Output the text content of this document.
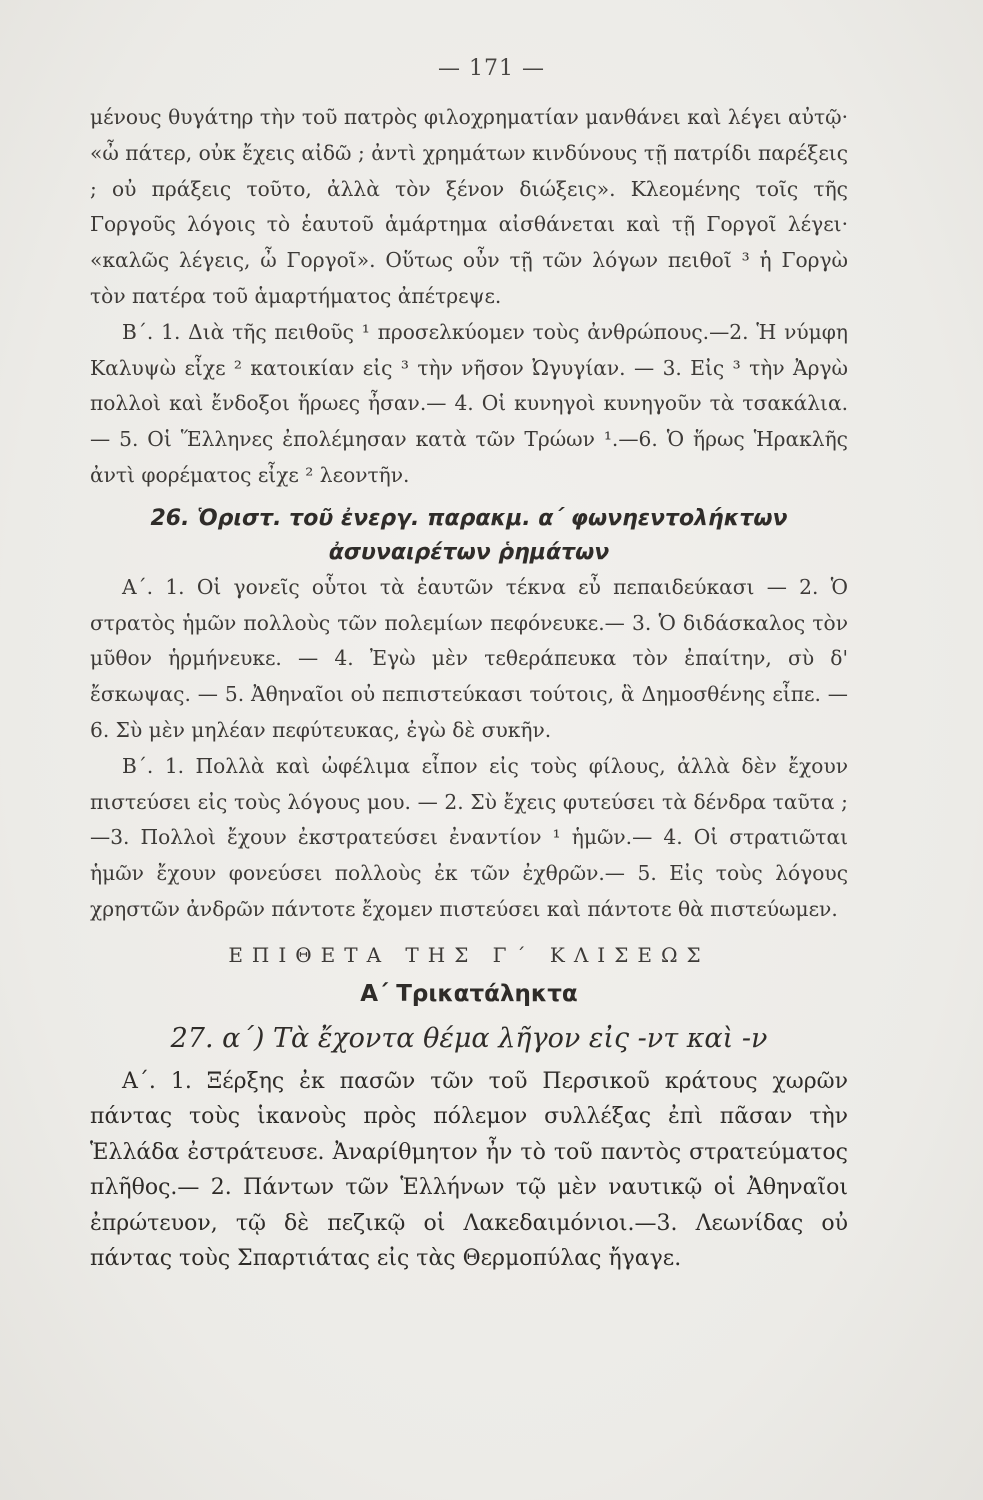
— 171 —

μένους θυγάτηρ τὴν τοῦ πατρὸς φιλοχρηματίαν μανθάνει καὶ λέγει αὐτῷ· «ὦ πάτερ, οὐκ ἔχεις αἰδῶ ; ἀντὶ χρημάτων κινδύνους τῇ πατρίδι παρέξεις ; οὐ πράξεις τοῦτο, ἀλλὰ τὸν ξένον διώξεις». Κλεομένης τοῖς τῆς Γοργοῦς λόγοις τὸ ἑαυτοῦ ἁμάρτημα αἰσθάνεται καὶ τῇ Γοργοῖ λέγει· «καλῶς λέγεις, ὦ Γοργοῖ». Οὕτως οὖν τῇ τῶν λόγων πειθοῖ ³ ἡ Γοργὼ τὸν πατέρα τοῦ ἁμαρτήματος ἀπέτρεψε.

Β΄. 1. Διὰ τῆς πειθοῦς ¹ προσελκύομεν τοὺς ἀνθρώπους.—2. Ἡ νύμφη Καλυψὼ εἶχε ² κατοικίαν εἰς ³ τὴν νῆσον Ὠγυγίαν. — 3. Εἰς ³ τὴν Ἀργὼ πολλοὶ καὶ ἔνδοξοι ἥρωες ἦσαν.— 4. Οἱ κυνηγοὶ κυνηγοῦν τὰ τσακάλια. — 5. Οἱ Ἕλληνες ἐπολέμησαν κατὰ τῶν Τρώων ¹.—6. Ὁ ἥρως Ἡρακλῆς ἀντὶ φορέματος εἶχε ² λεοντῆν.

26. Ὁριστ. τοῦ ἐνεργ. παρακμ. α΄ φωνηεντολήκτων
ἀσυναιρέτων ῥημάτων

Α΄. 1. Οἱ γονεῖς οὗτοι τὰ ἑαυτῶν τέκνα εὖ πεπαιδεύκασι — 2. Ὁ στρατὸς ἡμῶν πολλοὺς τῶν πολεμίων πεφόνευκε.— 3. Ὁ διδάσκαλος τὸν μῦθον ἡρμήνευκε. — 4. Ἐγὼ μὲν τεθεράπευκα τὸν ἐπαίτην, σὺ δ' ἔσκωψας. — 5. Ἀθηναῖοι οὐ πεπιστεύκασι τούτοις, ἃ Δημοσθένης εἶπε. — 6. Σὺ μὲν μηλέαν πεφύτευκας, ἐγὼ δὲ συκῆν.

Β΄. 1. Πολλὰ καὶ ὠφέλιμα εἶπον εἰς τοὺς φίλους, ἀλλὰ δὲν ἔχουν πιστεύσει εἰς τοὺς λόγους μου. — 2. Σὺ ἔχεις φυτεύσει τὰ δένδρα ταῦτα ; —3. Πολλοὶ ἔχουν ἐκστρατεύσει ἐναντίον ¹ ἡμῶν.— 4. Οἱ στρατιῶται ἡμῶν ἔχουν φονεύσει πολλοὺς ἐκ τῶν ἐχθρῶν.— 5. Εἰς τοὺς λόγους χρηστῶν ἀνδρῶν πάντοτε ἔχομεν πιστεύσει καὶ πάντοτε θὰ πιστεύωμεν.

ΕΠΙΘΕΤΑ ΤΗΣ Γ΄ ΚΛΙΣΕΩΣ
Α΄ Τρικατάληκτα
27. α΄) Τὰ ἔχοντα θέμα λῆγον εἰς -ντ καὶ -ν

Α΄. 1. Ξέρξης ἐκ πασῶν τῶν τοῦ Περσικοῦ κράτους χωρῶν πάντας τοὺς ἱκανοὺς πρὸς πόλεμον συλλέξας ἐπὶ πᾶσαν τὴν Ἑλλάδα ἐστράτευσε. Ἀναρίθμητον ἦν τὸ τοῦ παντὸς στρατεύματος πλῆθος.— 2. Πάντων τῶν Ἑλλήνων τῷ μὲν ναυτικῷ οἱ Ἀθηναῖοι ἐπρώτευον, τῷ δὲ πεζικῷ οἱ Λακεδαιμόνιοι.—3. Λεωνίδας οὐ πάντας τοὺς Σπαρτιάτας εἰς τὰς Θερμοπύλας ἤγαγε.
